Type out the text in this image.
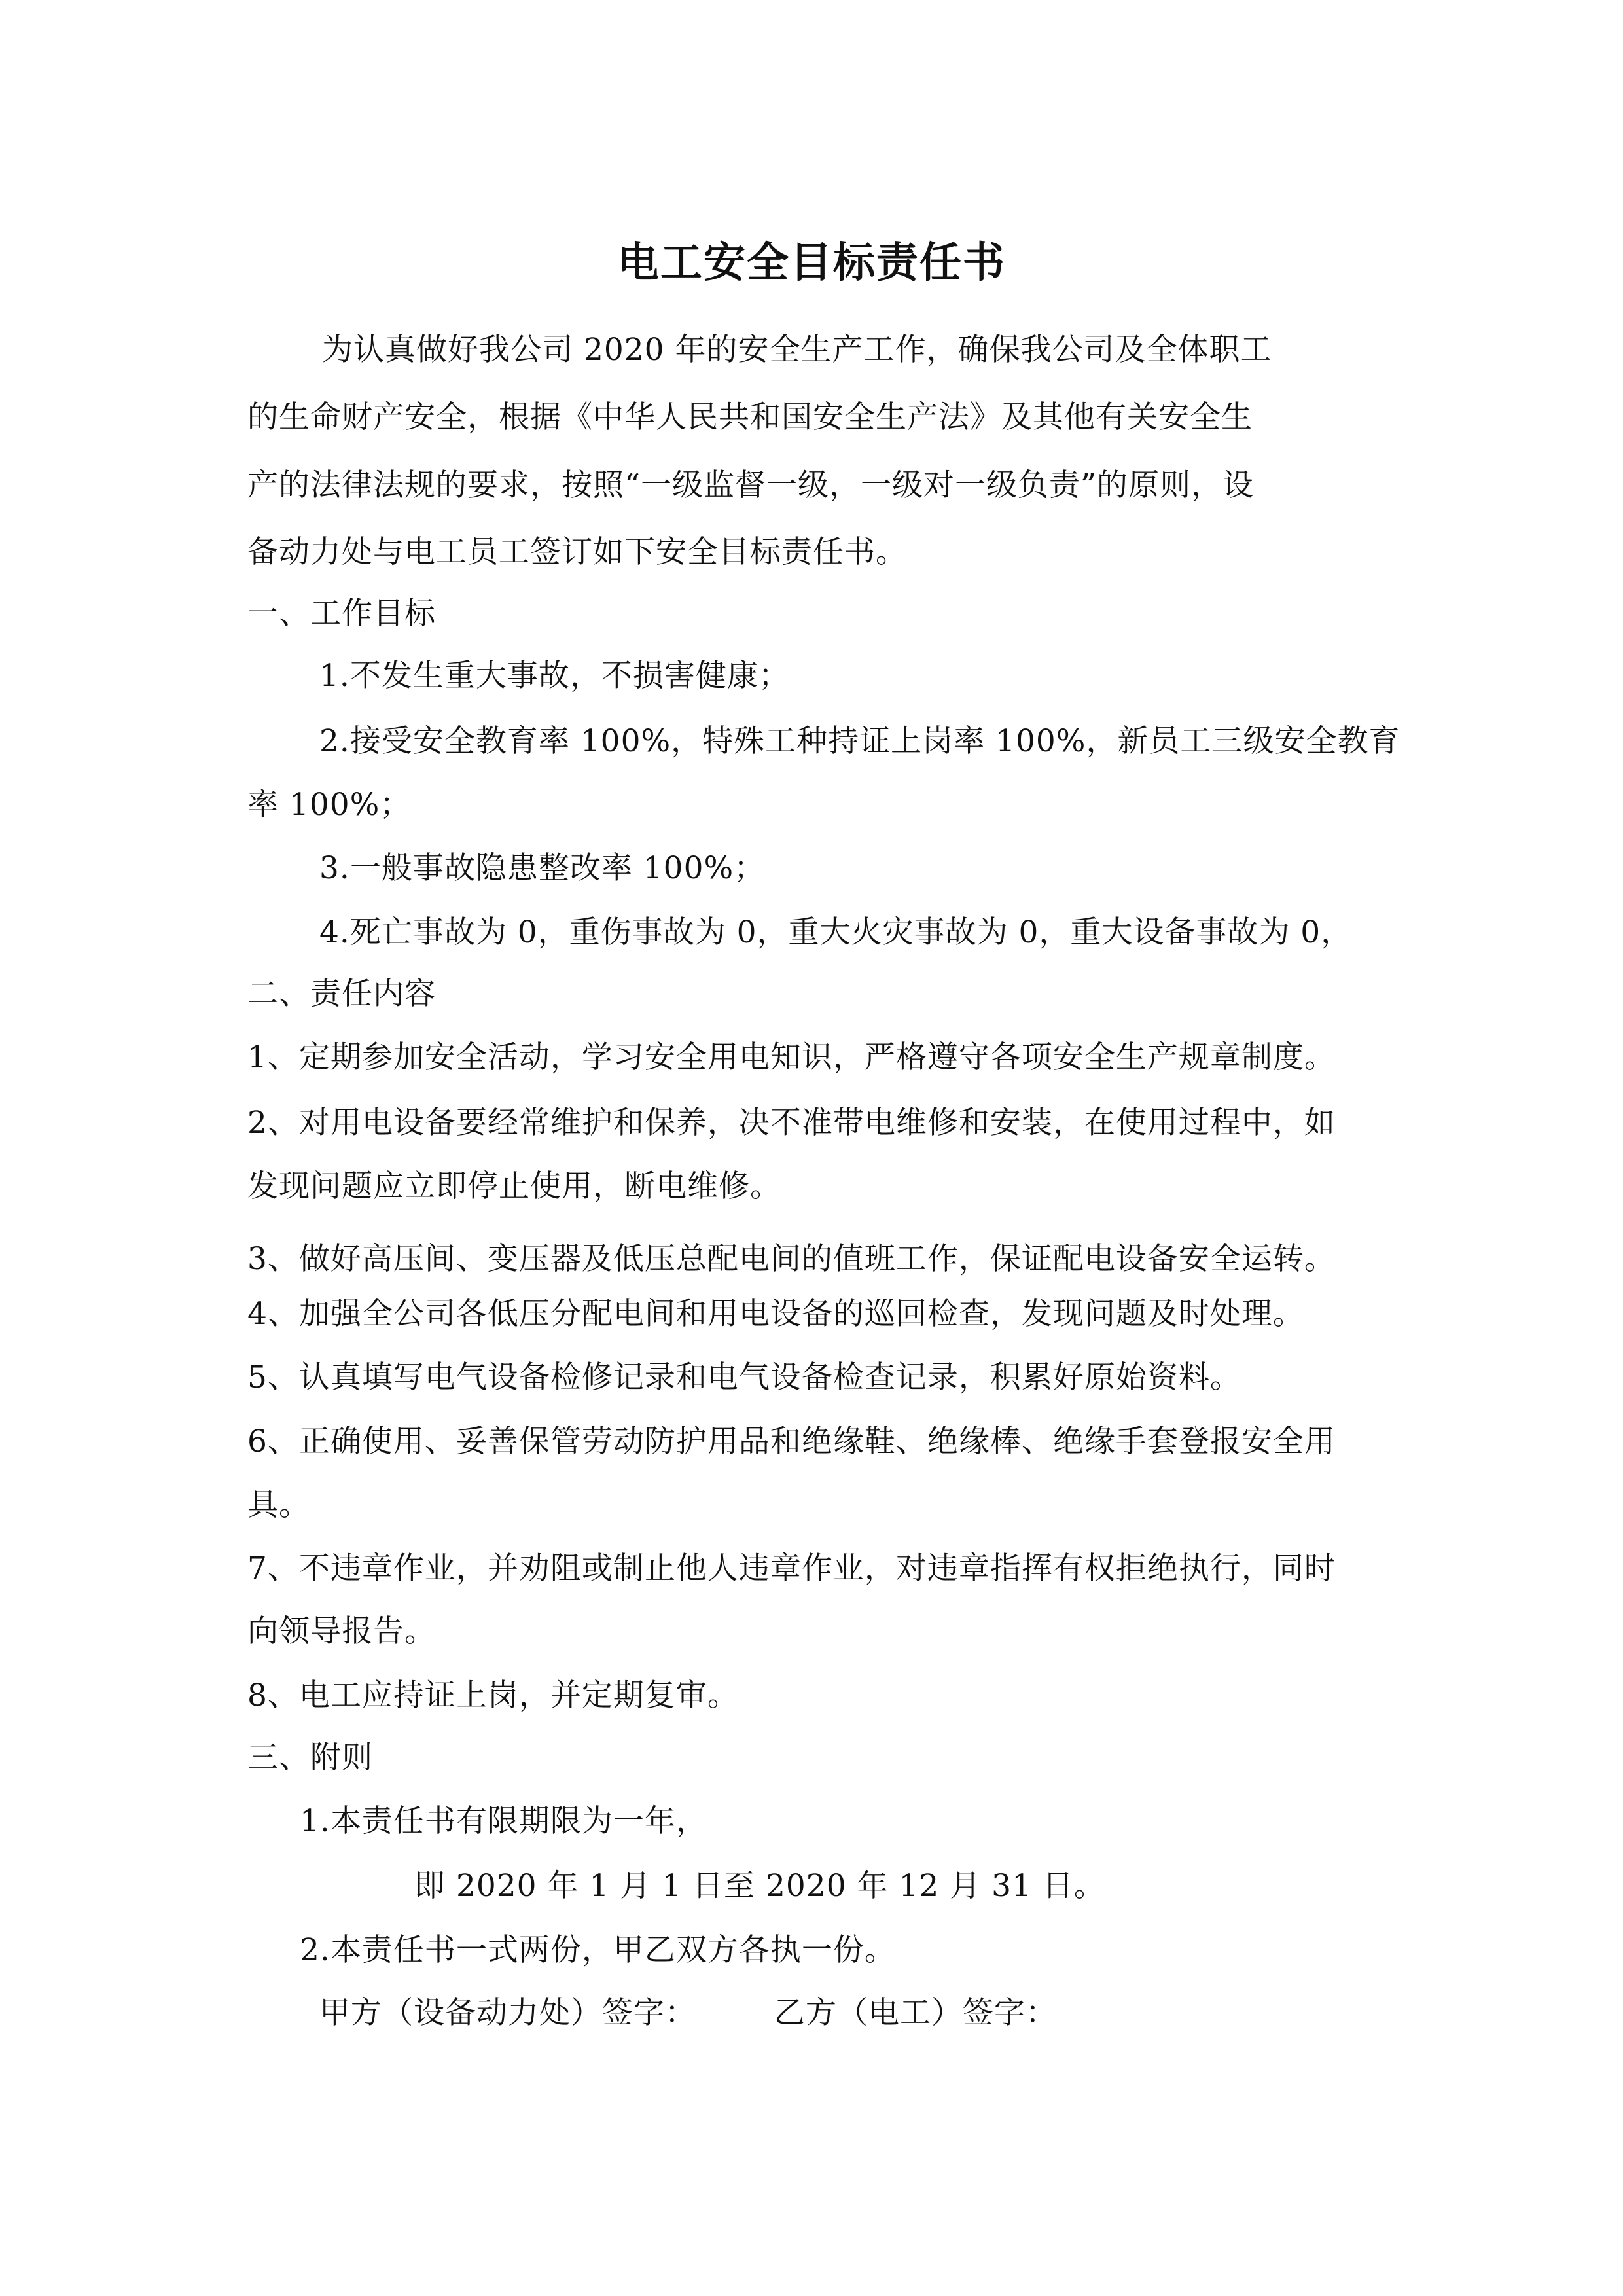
电工安全目标责任书
为认真做好我公司 2020 年的安全生产工作，确保我公司及全体职工
的生命财产安全，根据《中华人民共和国安全生产法》及其他有关安全生
产的法律法规的要求，按照“一级监督一级，一级对一级负责”的原则，设
备动力处与电工员工签订如下安全目标责任书。
一、工作目标
1.不发生重大事故，不损害健康；
2.接受安全教育率 100%，特殊工种持证上岗率 100%，新员工三级安全教育
率 100%；
3.一般事故隐患整改率 100%；
4.死亡事故为 0，重伤事故为 0，重大火灾事故为 0，重大设备事故为 0，
二、责任内容
1、定期参加安全活动，学习安全用电知识，严格遵守各项安全生产规章制度。
2、对用电设备要经常维护和保养，决不准带电维修和安装，在使用过程中，如
发现问题应立即停止使用，断电维修。
3、做好高压间、变压器及低压总配电间的值班工作，保证配电设备安全运转。
4、加强全公司各低压分配电间和用电设备的巡回检查，发现问题及时处理。
5、认真填写电气设备检修记录和电气设备检查记录，积累好原始资料。
6、正确使用、妥善保管劳动防护用品和绝缘鞋、绝缘棒、绝缘手套登报安全用
具。
7、不违章作业，并劝阻或制止他人违章作业，对违章指挥有权拒绝执行，同时
向领导报告。
8、电工应持证上岗，并定期复审。
三、附则
1.本责任书有限期限为一年，
即 2020 年 1 月 1 日至 2020 年 12 月 31 日。
2.本责任书一式两份，甲乙双方各执一份。
甲方（设备动力处）签字：	乙方（电工）签字：
